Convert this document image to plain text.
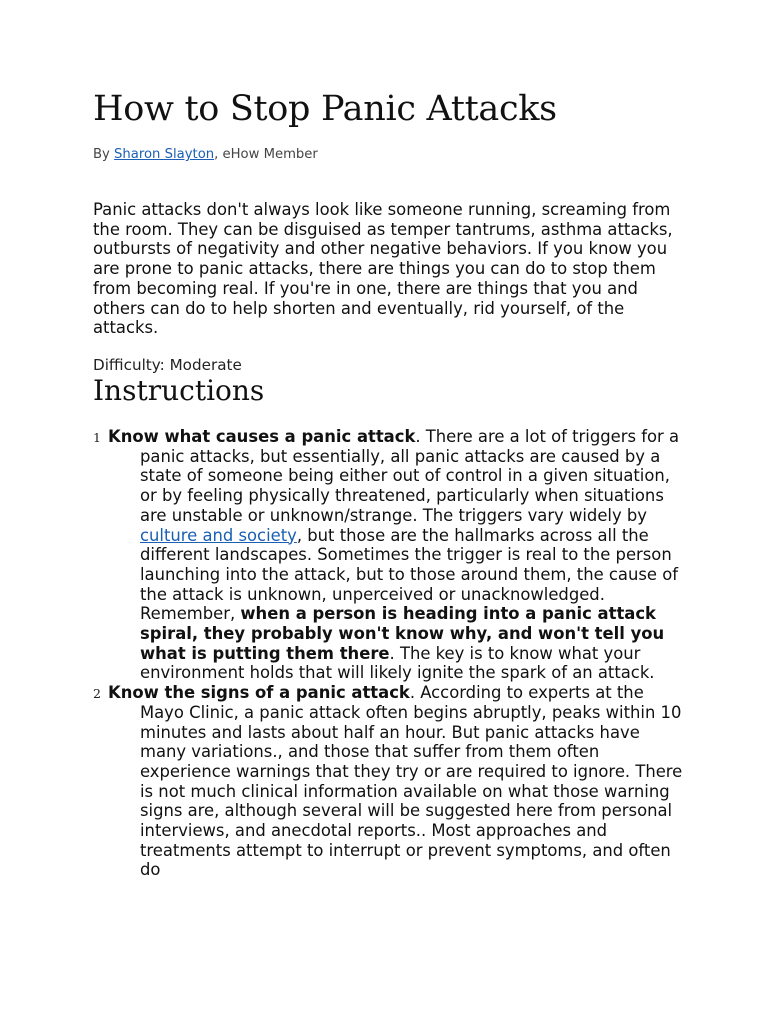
How to Stop Panic Attacks

By Sharon Slayton, eHow Member

Panic attacks don't always look like someone running, screaming from the room. They can be disguised as temper tantrums, asthma attacks, outbursts of negativity and other negative behaviors. If you know you are prone to panic attacks, there are things you can do to stop them from becoming real. If you're in one, there are things that you and others can do to help shorten and eventually, rid yourself, of the attacks.

Difficulty: Moderate

Instructions
1 Know what causes a panic attack. There are a lot of triggers for a panic attacks, but essentially, all panic attacks are caused by a state of someone being either out of control in a given situation, or by feeling physically threatened, particularly when situations are unstable or unknown/strange. The triggers vary widely by culture and society, but those are the hallmarks across all the different landscapes. Sometimes the trigger is real to the person launching into the attack, but to those around them, the cause of the attack is unknown, unperceived or unacknowledged. Remember, when a person is heading into a panic attack spiral, they probably won't know why, and won't tell you what is putting them there. The key is to know what your environment holds that will likely ignite the spark of an attack.
2 Know the signs of a panic attack. According to experts at the Mayo Clinic, a panic attack often begins abruptly, peaks within 10 minutes and lasts about half an hour. But panic attacks have many variations., and those that suffer from them often experience warnings that they try or are required to ignore. There is not much clinical information available on what those warning signs are, although several will be suggested here from personal interviews, and anecdotal reports.. Most approaches and treatments attempt to interrupt or prevent symptoms, and often do
